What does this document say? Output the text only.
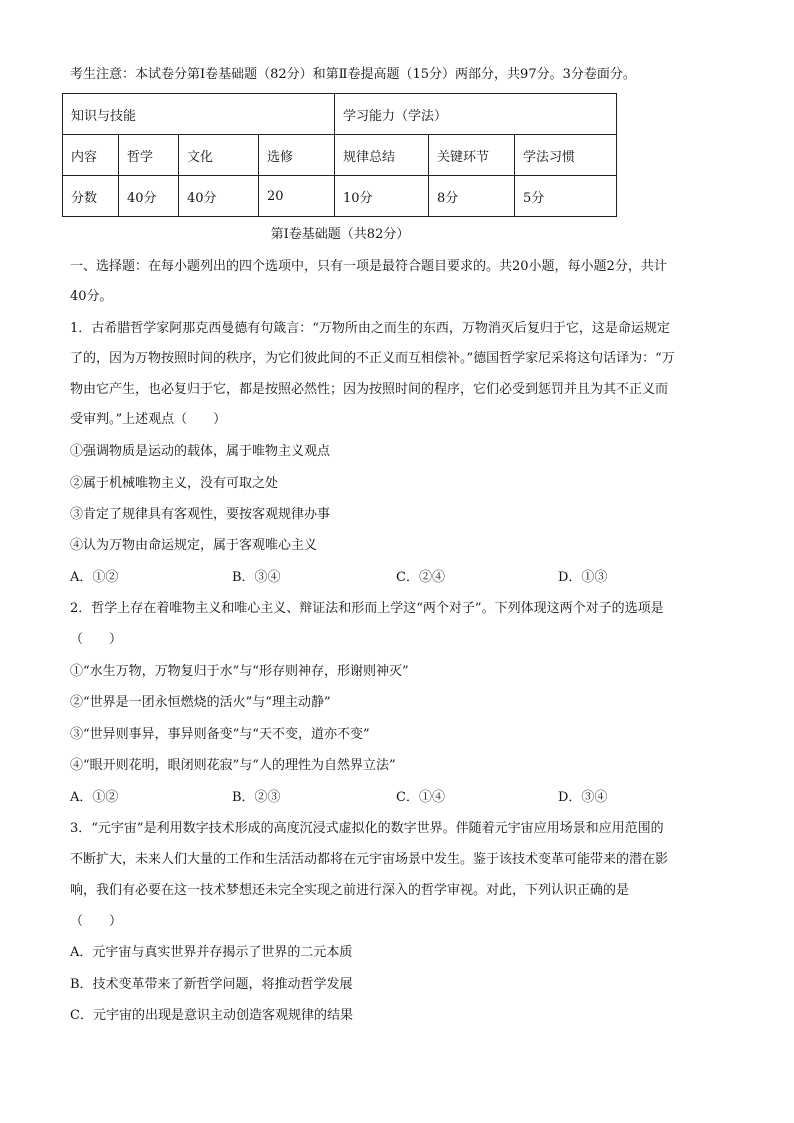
考生注意：本试卷分第Ⅰ卷基础题（82分）和第Ⅱ卷提高题（15分）两部分，共97分。3分卷面分。
知识与技能				学习能力（学法）		
内容	哲学	文化	选修	规律总结	关键环节	学法习惯
分数	40分	40分	20	10分	8分	5分
第Ⅰ卷基础题（共82分）
一、选择题：在每小题列出的四个选项中，只有一项是最符合题目要求的。共20小题，每小题2分，共计
40分。
1．古希腊哲学家阿那克西曼德有句箴言：“万物所由之而生的东西，万物消灭后复归于它，这是命运规定
了的，因为万物按照时间的秩序，为它们彼此间的不正义而互相偿补。”德国哲学家尼采将这句话译为：“万
物由它产生，也必复归于它，都是按照必然性；因为按照时间的程序，它们必受到惩罚并且为其不正义而
受审判。”上述观点（　　）
①强调物质是运动的载体，属于唯物主义观点
②属于机械唯物主义，没有可取之处
③肯定了规律具有客观性，要按客观规律办事
④认为万物由命运规定，属于客观唯心主义
A．①②	B．③④	C．②④	D．①③
2．哲学上存在着唯物主义和唯心主义、辩证法和形而上学这“两个对子”。下列体现这两个对子的选项是
（　　）
①“水生万物，万物复归于水”与“形存则神存，形谢则神灭”
②“世界是一团永恒燃烧的活火”与“理主动静”
③“世异则事异，事异则备变”与“天不变，道亦不变”
④“眼开则花明，眼闭则花寂”与“人的理性为自然界立法”
A．①②	B．②③	C．①④	D．③④
3．“元宇宙”是利用数字技术形成的高度沉浸式虚拟化的数字世界。伴随着元宇宙应用场景和应用范围的
不断扩大，未来人们大量的工作和生活活动都将在元宇宙场景中发生。鉴于该技术变革可能带来的潜在影
响，我们有必要在这一技术梦想还未完全实现之前进行深入的哲学审视。对此，下列认识正确的是
（　　）
A．元宇宙与真实世界并存揭示了世界的二元本质
B．技术变革带来了新哲学问题，将推动哲学发展
C．元宇宙的出现是意识主动创造客观规律的结果
